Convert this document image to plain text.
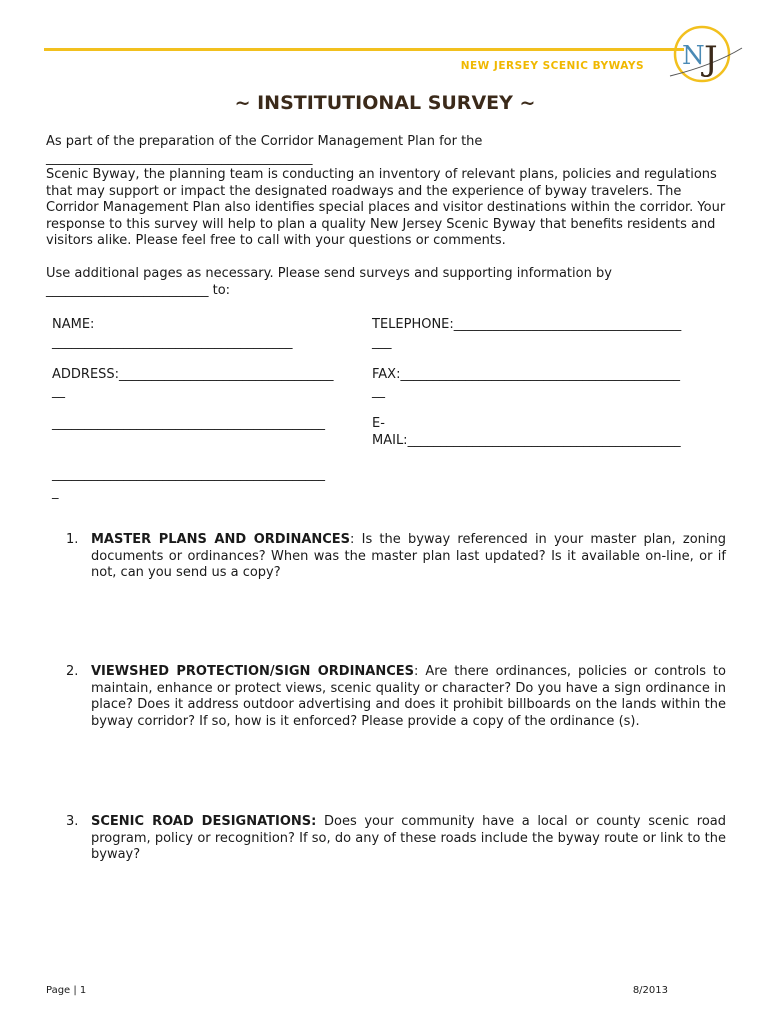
NEW JERSEY SCENIC BYWAYS N J
~ INSTITUTIONAL SURVEY ~

As part of the preparation of the Corridor Management Plan for the

_________________________________________

Scenic Byway, the planning team is conducting an inventory of relevant plans, policies and regulations that may support or impact the designated roadways and the experience of byway travelers. The Corridor Management Plan also identifies special places and visitor destinations within the corridor. Your response to this survey will help to plan a quality New Jersey Scenic Byway that benefits residents and visitors alike. Please feel free to call with your questions or comments.

Use additional pages as necessary. Please send surveys and supporting information by

_________________________ to:

NAME:
_____________________________________
TELEPHONE:___________________________________
___
ADDRESS:_________________________________
__
FAX:___________________________________________
__
__________________________________________	E-
MAIL:__________________________________________
__________________________________________
_
1. MASTER PLANS AND ORDINANCES: Is the byway referenced in your master plan, zoning documents or ordinances? When was the master plan last updated? Is it available on-line, or if not, can you send us a copy?
2. VIEWSHED PROTECTION/SIGN ORDINANCES: Are there ordinances, policies or controls to maintain, enhance or protect views, scenic quality or character? Do you have a sign ordinance in place? Does it address outdoor advertising and does it prohibit billboards on the lands within the byway corridor? If so, how is it enforced? Please provide a copy of the ordinance (s).
3. SCENIC ROAD DESIGNATIONS: Does your community have a local or county scenic road program, policy or recognition? If so, do any of these roads include the byway route or link to the byway?
Page | 1	8/2013
